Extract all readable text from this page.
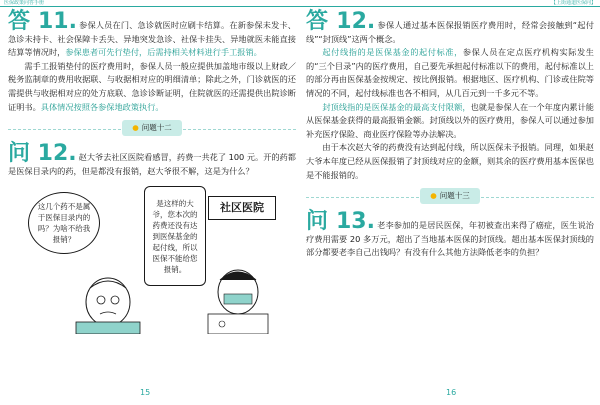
医保政策问答手册	【上街通道医保问】

答 11. 参保人员在门、急诊就医时应刷卡结算。在新参保未发卡、急诊未持卡、社会保障卡丢失、异地突发急诊、社保卡挂失、异地就医未能直接结算等情况时，参保患者可先行垫付，后需持相关材料进行手工报销。

需手工报销垫付的医疗费用时，参保人员一般应提供加盖地市级以上财政／税务监制章的费用收据联、与收据相对应的明细清单；除此之外，门诊就医的还需提供与收据相对应的处方底联、急诊诊断证明，住院就医的还需提供出院诊断证明书。具体情况按照各参保地政策执行。

● 问题十二

问 12. 赵大爷去社区医院看感冒，药费一共花了 100 元。开的药都是医保目录内的药，但是都没有报销，赵大爷很不解，这是为什么？

这几个药不是属于医保目录内的吗？为啥不给我报销？
是这样的大爷，您本次的药费还没有达到医保基金的起付线，所以医保不能给您报销。
社区医院
15

答 12. 参保人通过基本医保报销医疗费用时，经常会接触到“起付线”“封顶线”这两个概念。

起付线指的是医保基金的起付标准，参保人员在定点医疗机构实际发生的“三个目录”内的医疗费用，自己要先承担起付标准以下的费用，起付标准以上的部分再由医保基金按规定、按比例报销。根据地区、医疗机构、门诊或住院等情况的不同，起付线标准也各不相同，从几百元到一千多元不等。

封顶线指的是医保基金的最高支付限额，也就是参保人在一个年度内累计能从医保基金获得的最高报销金额。封顶线以外的医疗费用，参保人可以通过参加补充医疗保险、商业医疗保险等办法解决。

由于本次赵大爷的药费没有达到起付线，所以医保未予报销。同理，如果赵大爷本年度已经从医保报销了封顶线对应的金额，则其余的医疗费用基本医保也是不能报销的。

● 问题十三

问 13. 老李参加的是居民医保，年初被查出来得了癌症，医生说治疗费用需要 20 多万元，超出了当地基本医保的封顶线。超出基本医保封顶线的部分都要老李自己出钱吗？有没有什么其他方法降低老李的负担？

16
